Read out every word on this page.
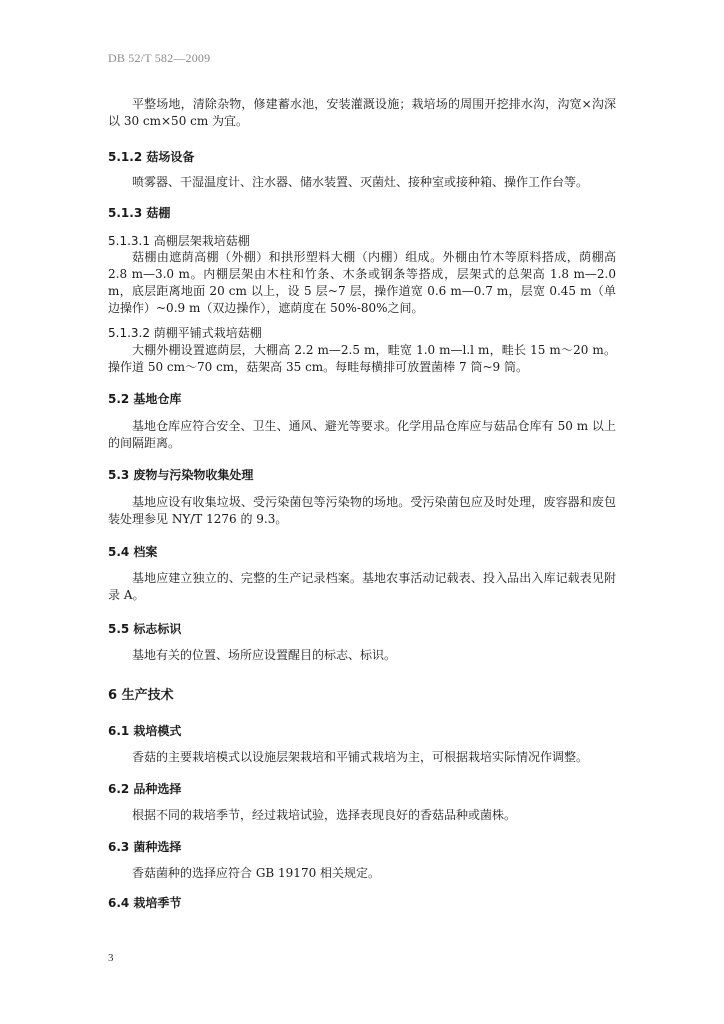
DB 52/T 582—2009

平整场地，清除杂物，修建蓄水池，安装灌溉设施；栽培场的周围开挖排水沟，沟宽×沟深以 30 cm×50 cm 为宜。

5.1.2 菇场设备

喷雾器、干湿温度计、注水器、储水装置、灭菌灶、接种室或接种箱、操作工作台等。

5.1.3 菇棚
5.1.3.1 高棚层架栽培菇棚

菇棚由遮荫高棚（外棚）和拱形塑料大棚（内棚）组成。外棚由竹木等原料搭成，荫棚高 2.8 m—3.0 m。内棚层架由木柱和竹条、木条或钢条等搭成，层架式的总架高 1.8 m—2.0 m，底层距离地面 20 cm 以上，设 5 层~7 层，操作道宽 0.6 m—0.7 m，层宽 0.45 m（单边操作）~0.9 m（双边操作），遮荫度在 50%-80%之间。

5.1.3.2 荫棚平铺式栽培菇棚

大棚外棚设置遮荫层，大棚高 2.2 m—2.5 m，畦宽 1.0 m—l.l m，畦长 15 m～20 m。操作道 50 cm～70 cm，菇架高 35 cm。每畦每横排可放置菌棒 7 筒~9 筒。

5.2 基地仓库

基地仓库应符合安全、卫生、通风、避光等要求。化学用品仓库应与菇品仓库有 50 m 以上的间隔距离。

5.3 废物与污染物收集处理

基地应设有收集垃圾、受污染菌包等污染物的场地。受污染菌包应及时处理，废容器和废包装处理参见 NY/T 1276 的 9.3。

5.4 档案

基地应建立独立的、完整的生产记录档案。基地农事活动记载表、投入品出入库记载表见附录 A。

5.5 标志标识

基地有关的位置、场所应设置醒目的标志、标识。

6 生产技术
6.1 栽培模式

香菇的主要栽培模式以设施层架栽培和平铺式栽培为主，可根据栽培实际情况作调整。

6.2 品种选择

根据不同的栽培季节，经过栽培试验，选择表现良好的香菇品种或菌株。

6.3 菌种选择

香菇菌种的选择应符合 GB 19170 相关规定。

6.4 栽培季节
3
